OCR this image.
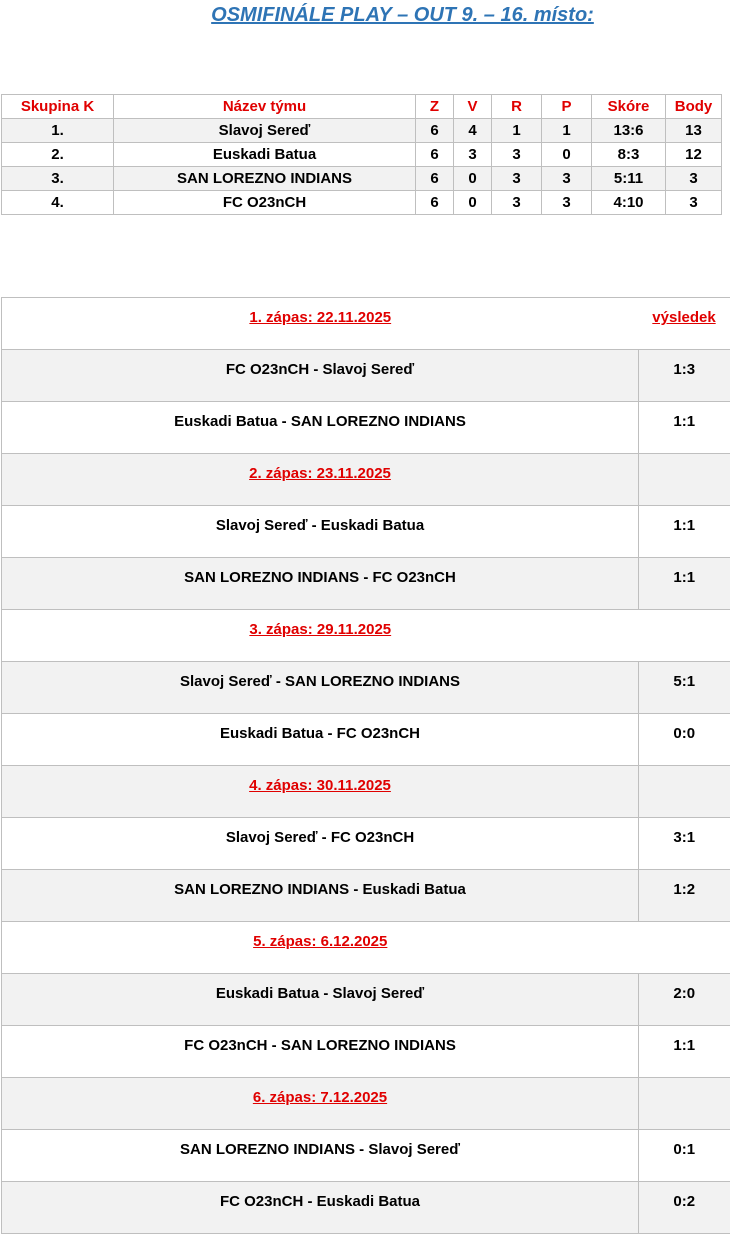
OSMIFINÁLE PLAY – OUT 9. – 16. místo:
Skupina K	Název týmu	Z	V	R	P	Skóre	Body
1.	Slavoj Sereď	6	4	1	1	13:6	13
2.	Euskadi Batua	6	3	3	0	8:3	12
3.	SAN LOREZNO INDIANS	6	0	3	3	5:11	3
4.	FC O23nCH	6	0	3	3	4:10	3
1. zápas: 22.11.2025	výsledek
FC O23nCH - Slavoj Sereď	1:3
Euskadi Batua - SAN LOREZNO INDIANS	1:1
2. zápas: 23.11.2025	
Slavoj Sereď - Euskadi Batua	1:1
SAN LOREZNO INDIANS - FC O23nCH	1:1
3. zápas: 29.11.2025	
Slavoj Sereď - SAN LOREZNO INDIANS	5:1
Euskadi Batua - FC O23nCH	0:0
4. zápas: 30.11.2025	
Slavoj Sereď - FC O23nCH	3:1
SAN LOREZNO INDIANS - Euskadi Batua	1:2
5. zápas: 6.12.2025	
Euskadi Batua - Slavoj Sereď	2:0
FC O23nCH - SAN LOREZNO INDIANS	1:1
6. zápas: 7.12.2025	
SAN LOREZNO INDIANS - Slavoj Sereď	0:1
FC O23nCH - Euskadi Batua	0:2
